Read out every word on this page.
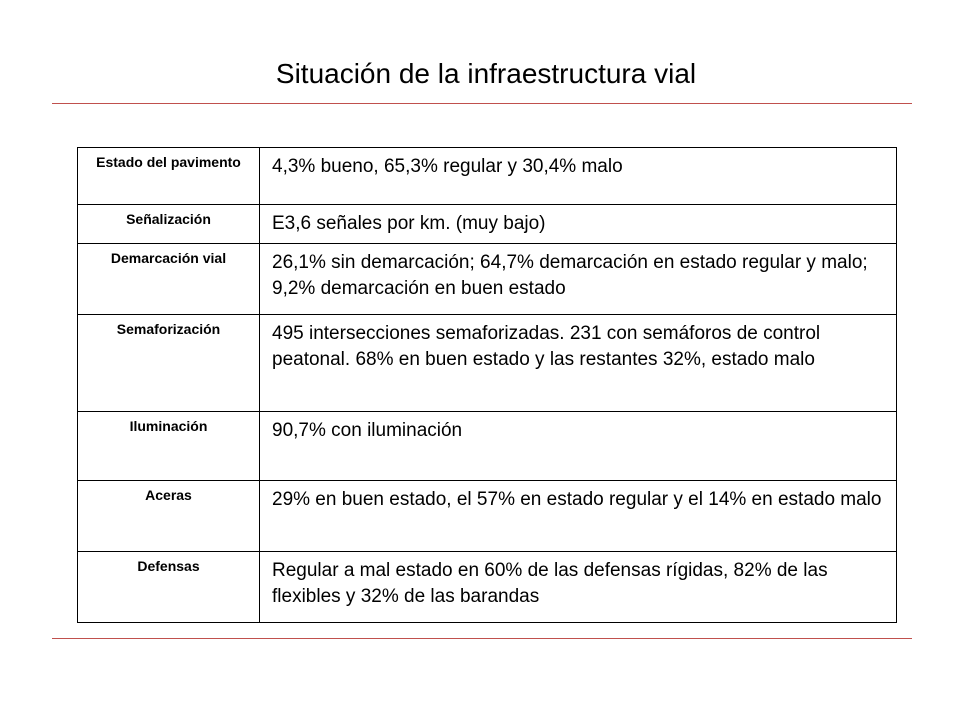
Situación de la infraestructura vial
Estado del pavimento	4,3% bueno, 65,3% regular y 30,4% malo
Señalización	E3,6 señales por km. (muy bajo)
Demarcación vial	26,1% sin demarcación; 64,7% demarcación en estado regular y malo; 9,2% demarcación en buen estado
Semaforización	495 intersecciones semaforizadas. 231 con semáforos de control peatonal. 68% en buen estado y las restantes 32%, estado malo
Iluminación	90,7% con iluminación
Aceras	29% en buen estado, el 57% en estado regular y el 14% en estado malo
Defensas	Regular a mal estado en 60% de las defensas rígidas, 82% de las flexibles y 32% de las barandas
